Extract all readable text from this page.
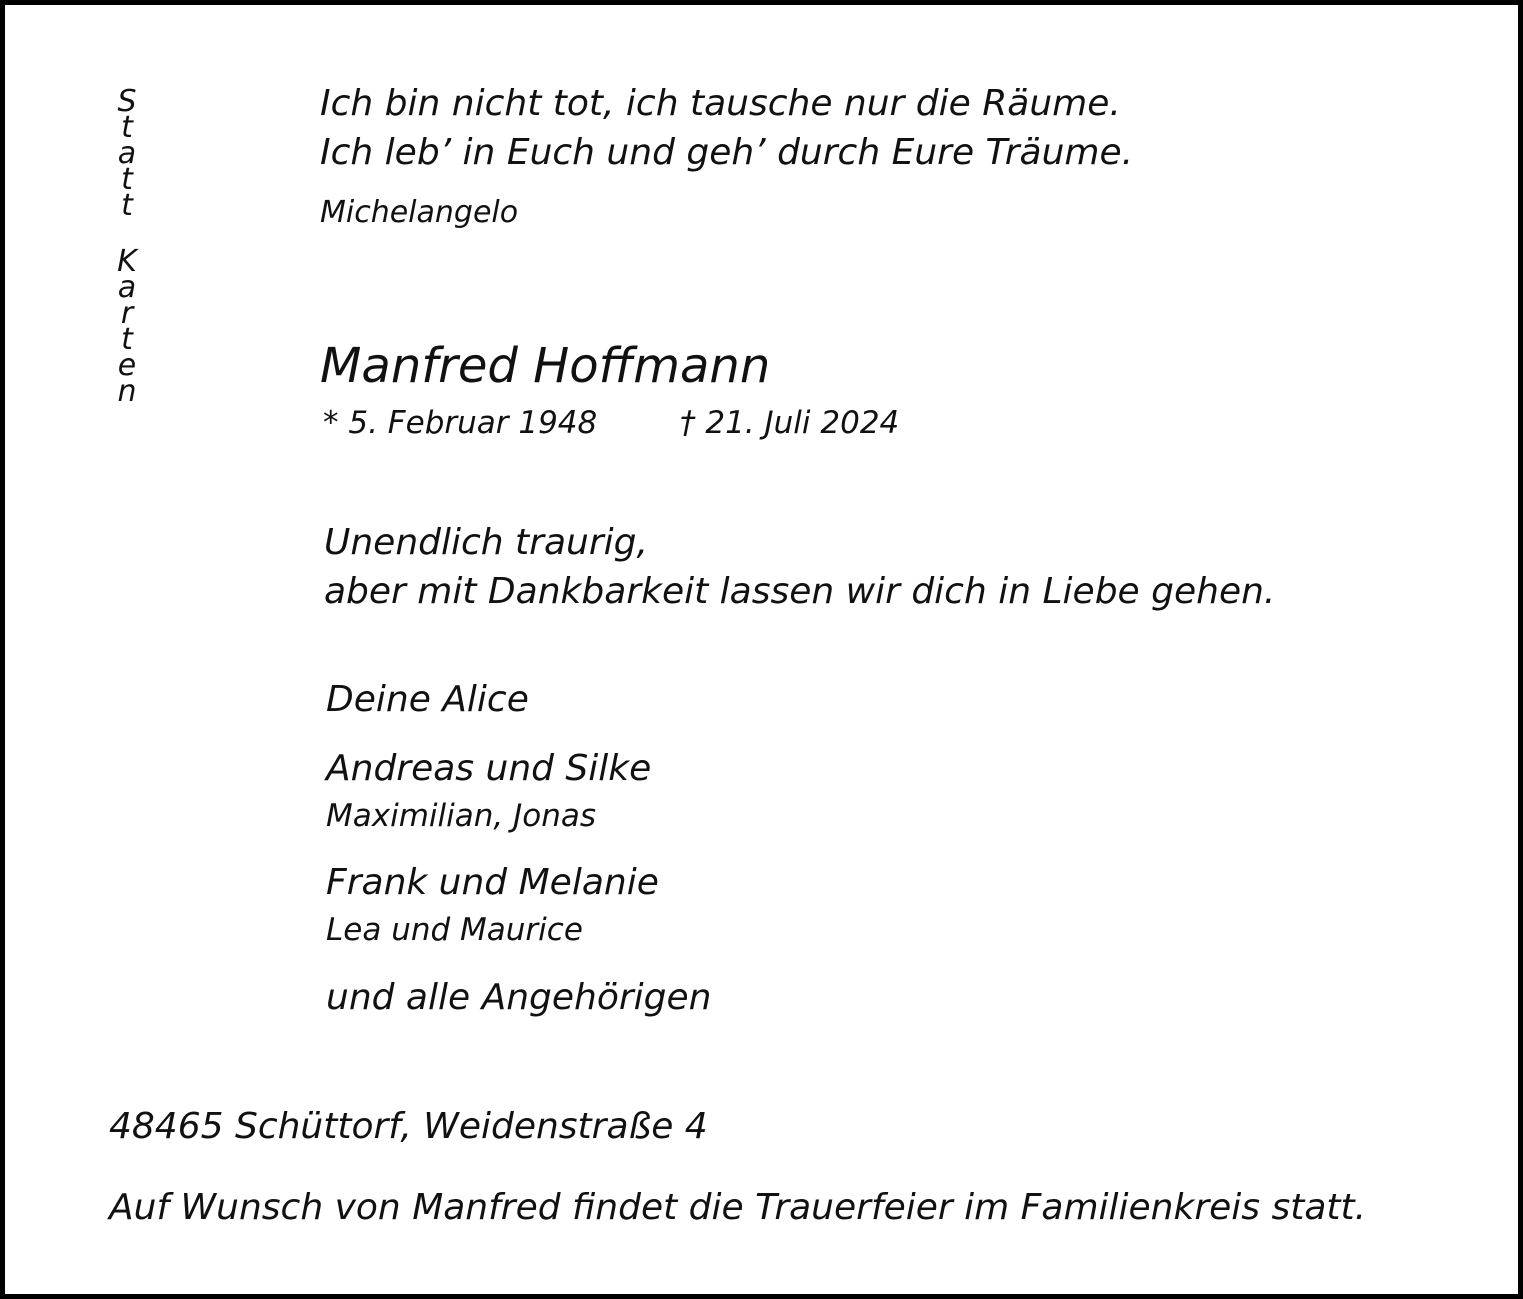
S
t
a
t
t
K
a
r
t
e
n

Ich bin nicht tot, ich tausche nur die Räume.

Ich leb’ in Euch und geh’ durch Eure Träume.

Michelangelo

Manfred Hoffmann

* 5. Februar 1948	† 21. Juli 2024

Unendlich traurig,

aber mit Dankbarkeit lassen wir dich in Liebe gehen.

Deine Alice

Andreas und Silke

Maximilian, Jonas

Frank und Melanie

Lea und Maurice

und alle Angehörigen

48465 Schüttorf, Weidenstraße 4

Auf Wunsch von Manfred findet die Trauerfeier im Familienkreis statt.
